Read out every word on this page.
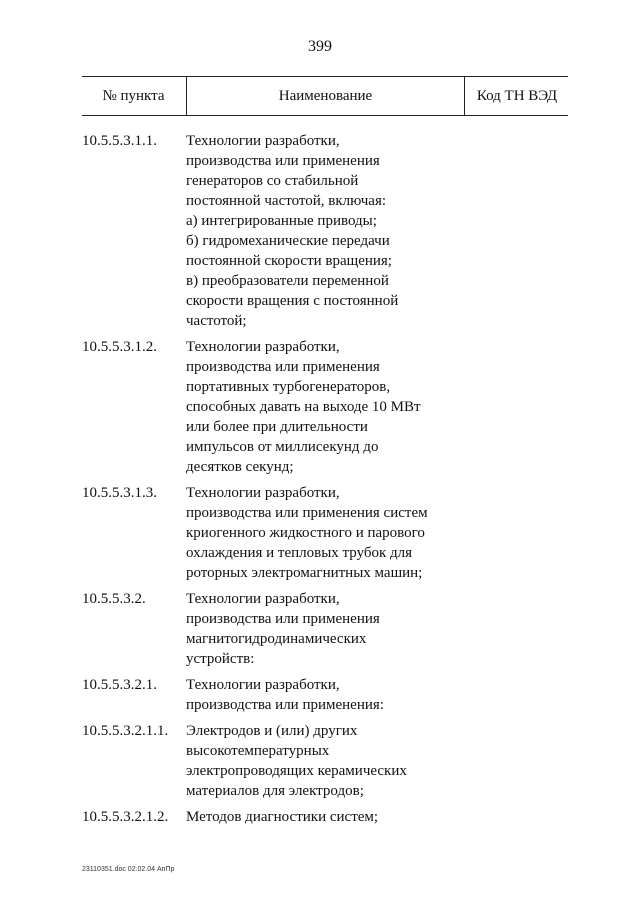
399
№ пункта	Наименование	Код ТН ВЭД
10.5.5.3.1.1.	Технологии разработки,
производства или применения
генераторов со стабильной
постоянной частотой, включая:
а) интегрированные приводы;
б) гидромеханические передачи
постоянной скорости вращения;
в) преобразователи переменной
скорости вращения с постоянной
частотой;
10.5.5.3.1.2.	Технологии разработки,
производства или применения
портативных турбогенераторов,
способных давать на выходе 10 МВт
или более при длительности
импульсов от миллисекунд до
десятков секунд;
10.5.5.3.1.3.	Технологии разработки,
производства или применения систем
криогенного жидкостного и парового
охлаждения и тепловых трубок для
роторных электромагнитных машин;
10.5.5.3.2.	Технологии разработки,
производства или применения
магнитогидродинамических
устройств:
10.5.5.3.2.1.	Технологии разработки,
производства или применения:
10.5.5.3.2.1.1.	Электродов и (или) других
высокотемпературных
электропроводящих керамических
материалов для электродов;
10.5.5.3.2.1.2.	Методов диагностики систем;
23110351.doc 02.02.04 АпПр
